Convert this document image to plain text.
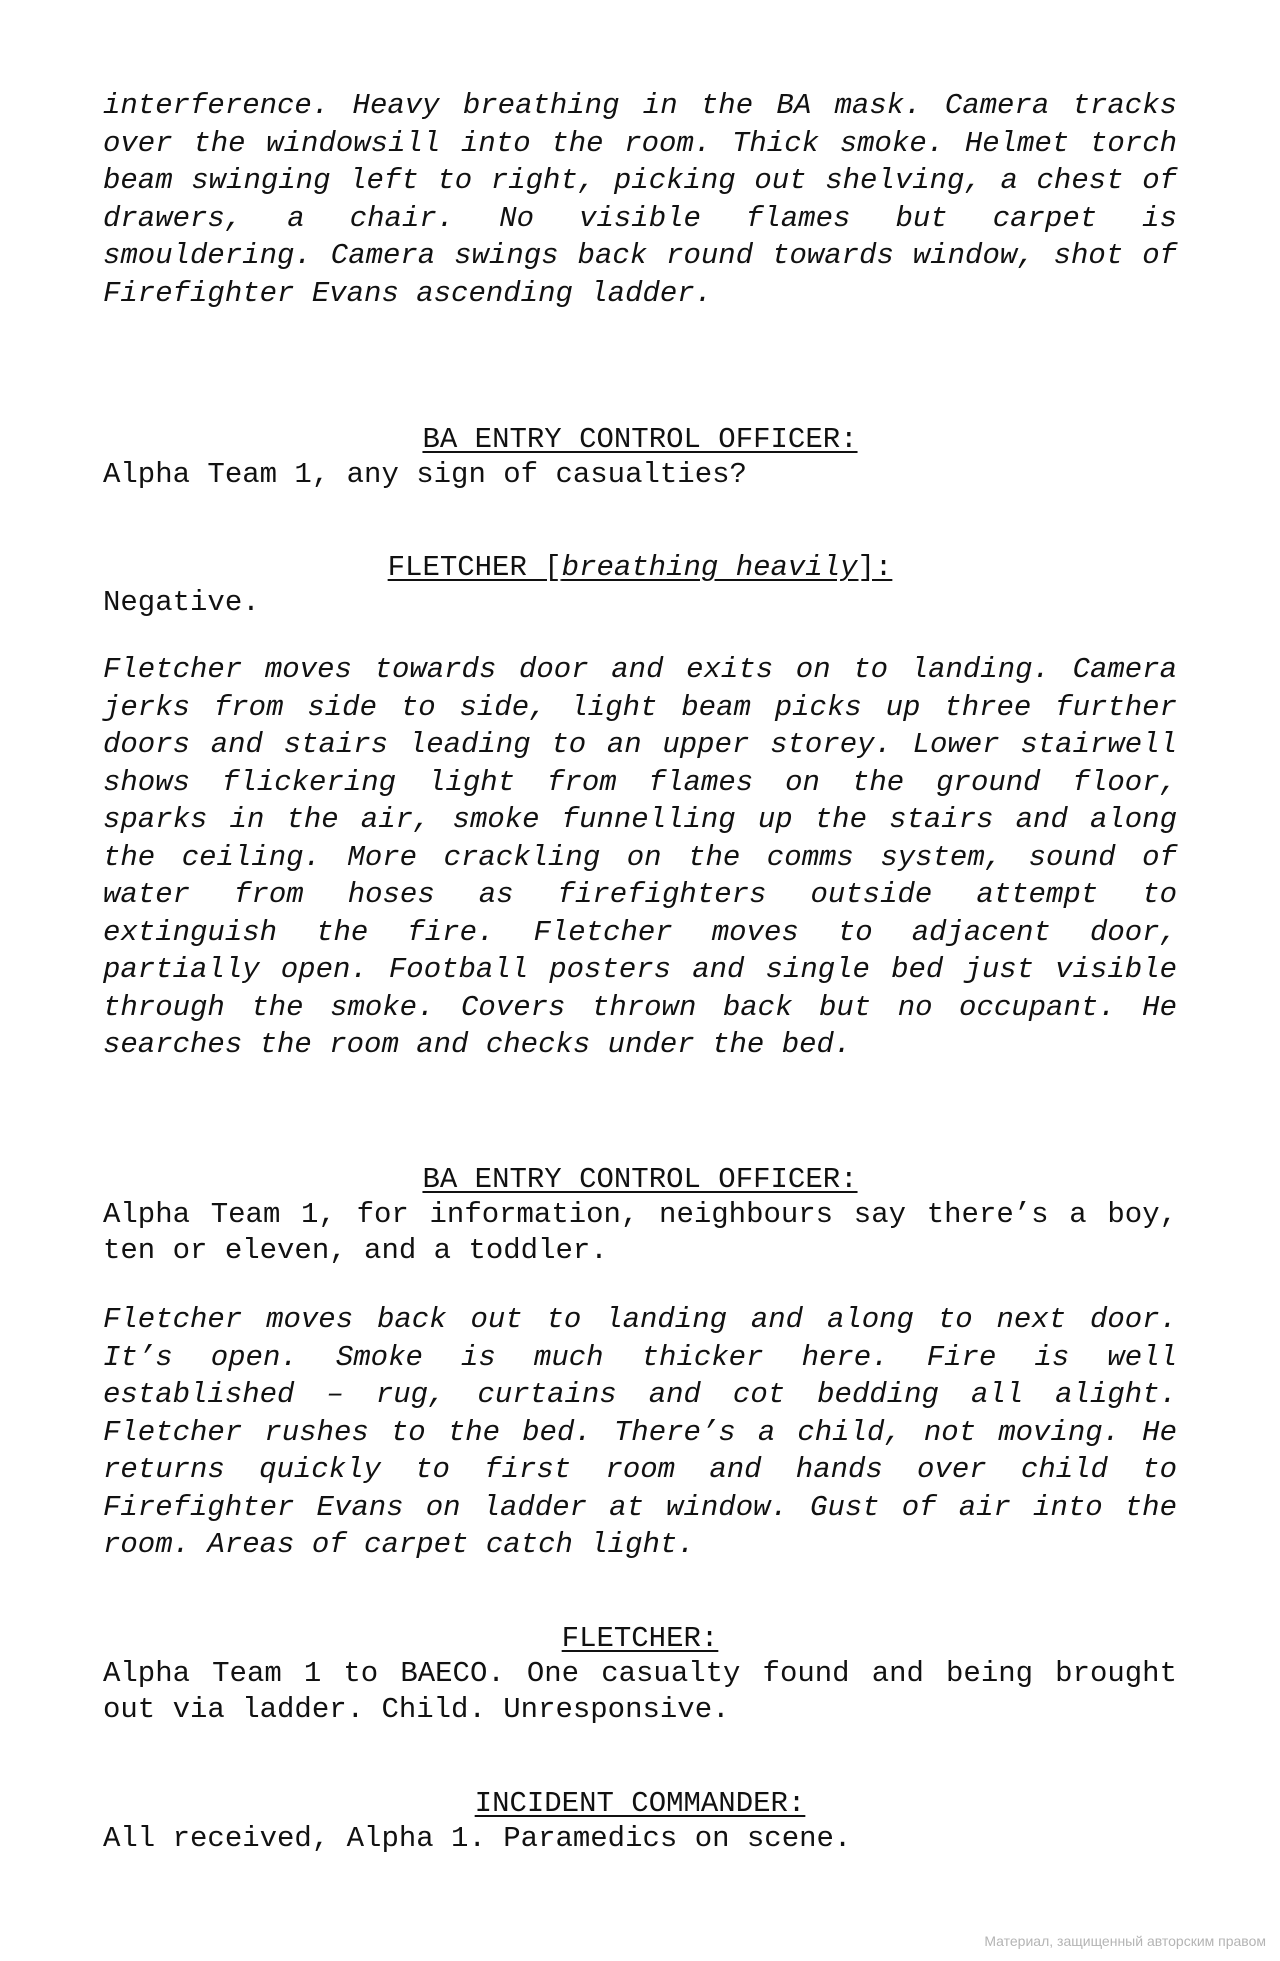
interference. Heavy breathing in the BA mask. Camera tracks over the windowsill into the room. Thick smoke. Helmet torch beam swinging left to right, picking out shelving, a chest of drawers, a chair. No visible flames but carpet is smouldering. Camera swings back round towards window, shot of Firefighter Evans ascending ladder.

BA ENTRY CONTROL OFFICER:

Alpha Team 1, any sign of casualties?

FLETCHER [breathing heavily]:

Negative.

Fletcher moves towards door and exits on to landing. Camera jerks from side to side, light beam picks up three further doors and stairs leading to an upper storey. Lower stairwell shows flickering light from flames on the ground floor, sparks in the air, smoke funnelling up the stairs and along the ceiling. More crackling on the comms system, sound of water from hoses as firefighters outside attempt to extinguish the fire. Fletcher moves to adjacent door, partially open. Football posters and single bed just visible through the smoke. Covers thrown back but no occupant. He searches the room and checks under the bed.

BA ENTRY CONTROL OFFICER:

Alpha Team 1, for information, neighbours say there’s a boy, ten or eleven, and a toddler.

Fletcher moves back out to landing and along to next door. It’s open. Smoke is much thicker here. Fire is well established – rug, curtains and cot bedding all alight. Fletcher rushes to the bed. There’s a child, not moving. He returns quickly to first room and hands over child to Firefighter Evans on ladder at window. Gust of air into the room. Areas of carpet catch light.

FLETCHER:

Alpha Team 1 to BAECO. One casualty found and being brought out via ladder. Child. Unresponsive.

INCIDENT COMMANDER:

All received, Alpha 1. Paramedics on scene.

Материал, защищенный авторским правом
